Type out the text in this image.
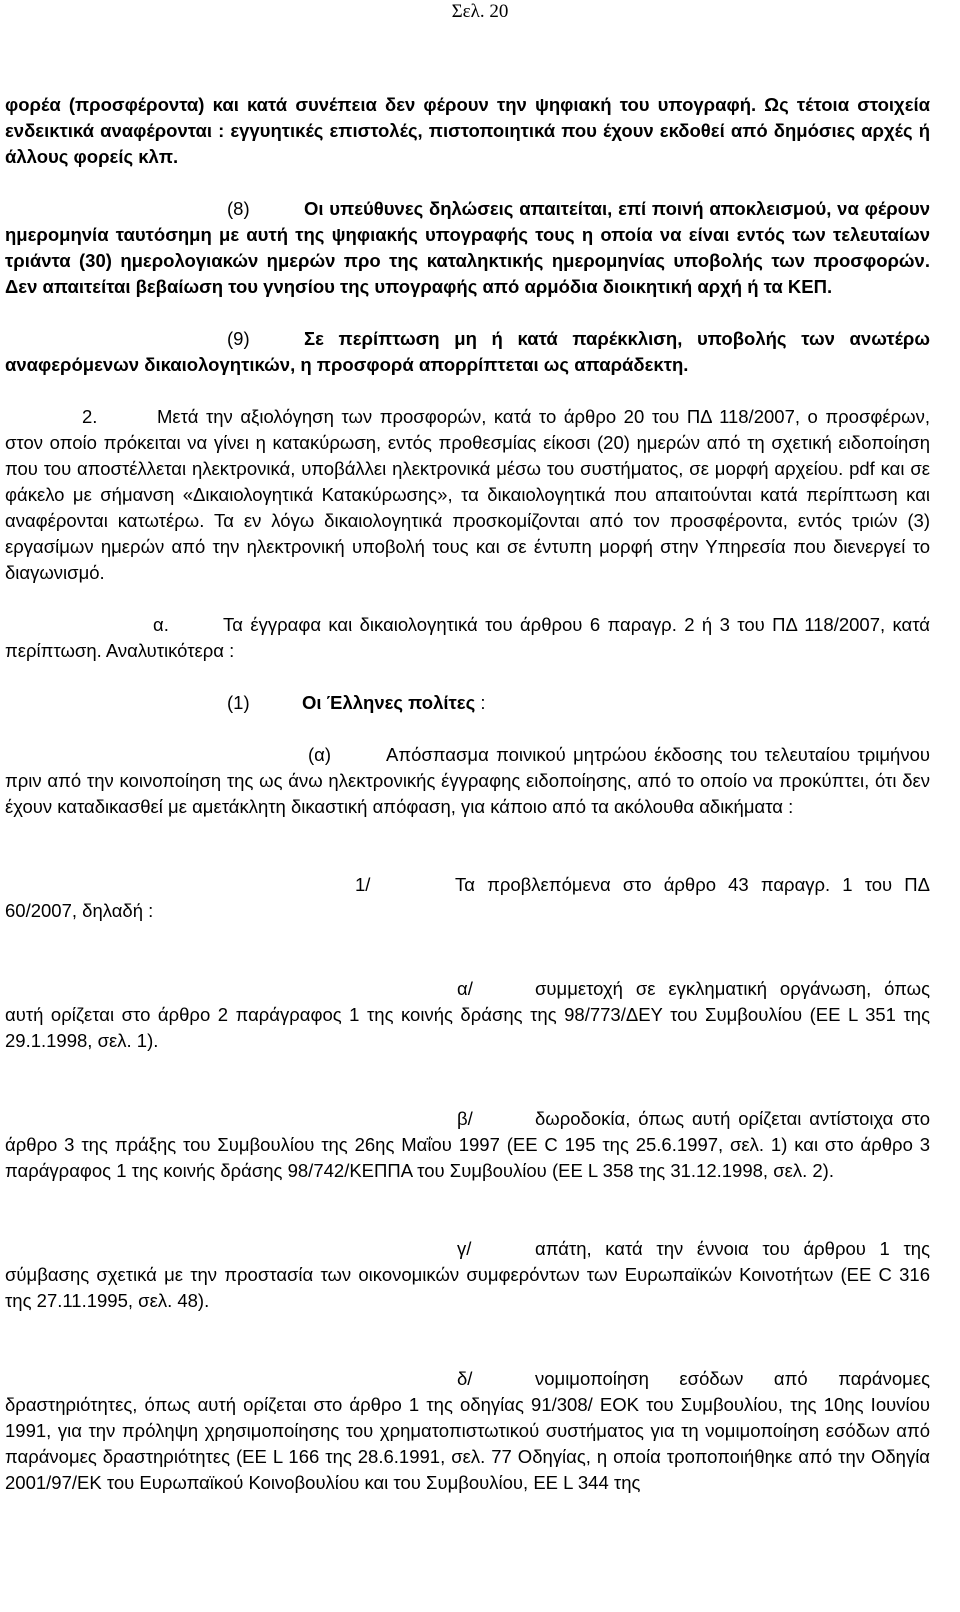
Σελ. 20

φορέα (προσφέροντα) και κατά συνέπεια δεν φέρουν την ψηφιακή του υπογραφή. Ως τέτοια στοιχεία ενδεικτικά αναφέρονται : εγγυητικές επιστολές, πιστοποιητικά που έχουν εκδοθεί από δημόσιες αρχές ή άλλους φορείς κλπ.

(8)	Οι υπεύθυνες δηλώσεις απαιτείται, επί ποινή αποκλεισμού, να φέρουν ημερομηνία ταυτόσημη με αυτή της ψηφιακής υπογραφής τους η οποία να είναι εντός των τελευταίων τριάντα (30) ημερολογιακών ημερών προ της καταληκτικής ημερομηνίας υποβολής των προσφορών. Δεν απαιτείται βεβαίωση του γνησίου της υπογραφής από αρμόδια διοικητική αρχή ή τα ΚΕΠ.

(9)	Σε περίπτωση μη ή κατά παρέκκλιση, υποβολής των ανωτέρω αναφερόμενων δικαιολογητικών, η προσφορά απορρίπτεται ως απαράδεκτη.

2.	Μετά την αξιολόγηση των προσφορών, κατά το άρθρο 20 του ΠΔ 118/2007, ο προσφέρων, στον οποίο πρόκειται να γίνει η κατακύρωση, εντός προθεσμίας είκοσι (20) ημερών από τη σχετική ειδοποίηση που του αποστέλλεται ηλεκτρονικά, υποβάλλει ηλεκτρονικά μέσω του συστήματος, σε μορφή αρχείου. pdf και σε φάκελο με σήμανση «Δικαιολογητικά Κατακύρωσης», τα δικαιολογητικά που απαιτούνται κατά περίπτωση και αναφέρονται κατωτέρω. Τα εν λόγω δικαιολογητικά προσκομίζονται από τον προσφέροντα, εντός τριών (3) εργασίμων ημερών από την ηλεκτρονική υποβολή τους και σε έντυπη μορφή στην Υπηρεσία που διενεργεί το διαγωνισμό.

α.	Τα έγγραφα και δικαιολογητικά του άρθρου 6 παραγρ. 2 ή 3 του ΠΔ 118/2007, κατά περίπτωση. Αναλυτικότερα :

(1)	Οι Έλληνες πολίτες :

(α)	Απόσπασμα ποινικού μητρώου έκδοσης του τελευταίου τριμήνου πριν από την κοινοποίηση της ως άνω ηλεκτρονικής έγγραφης ειδοποίησης, από το οποίο να προκύπτει, ότι δεν έχουν καταδικασθεί με αμετάκλητη δικαστική απόφαση, για κάποιο από τα ακόλουθα αδικήματα :

1/	Τα προβλεπόμενα στο άρθρο 43 παραγρ. 1 του ΠΔ 60/2007, δηλαδή :

α/	συμμετοχή σε εγκληματική οργάνωση, όπως αυτή ορίζεται στο άρθρο 2 παράγραφος 1 της κοινής δράσης της 98/773/ΔΕΥ του Συμβουλίου (ΕΕ L 351 της 29.1.1998, σελ. 1).

β/	δωροδοκία, όπως αυτή ορίζεται αντίστοιχα στο άρθρο 3 της πράξης του Συμβουλίου της 26ης Μαΐου 1997 (ΕΕ C 195 της 25.6.1997, σελ. 1) και στο άρθρο 3 παράγραφος 1 της κοινής δράσης 98/742/ΚΕΠΠΑ του Συμβουλίου (ΕΕ L 358 της 31.12.1998, σελ. 2).

γ/	απάτη, κατά την έννοια του άρθρου 1 της σύμβασης σχετικά με την προστασία των οικονομικών συμφερόντων των Ευρωπαϊκών Κοινοτήτων (ΕΕ C 316 της 27.11.1995, σελ. 48).

δ/	νομιμοποίηση εσόδων από παράνομες δραστηριότητες, όπως αυτή ορίζεται στο άρθρο 1 της οδηγίας 91/308/ ΕΟΚ του Συμβουλίου, της 10ης Ιουνίου 1991, για την πρόληψη χρησιμοποίησης του χρηματοπιστωτικού συστήματος για τη νομιμοποίηση εσόδων από παράνομες δραστηριότητες (ΕΕ L 166 της 28.6.1991, σελ. 77 Οδηγίας, η οποία τροποποιήθηκε από την Οδηγία 2001/97/ΕΚ του Ευρωπαϊκού Κοινοβουλίου και του Συμβουλίου, ΕΕ L 344 της
